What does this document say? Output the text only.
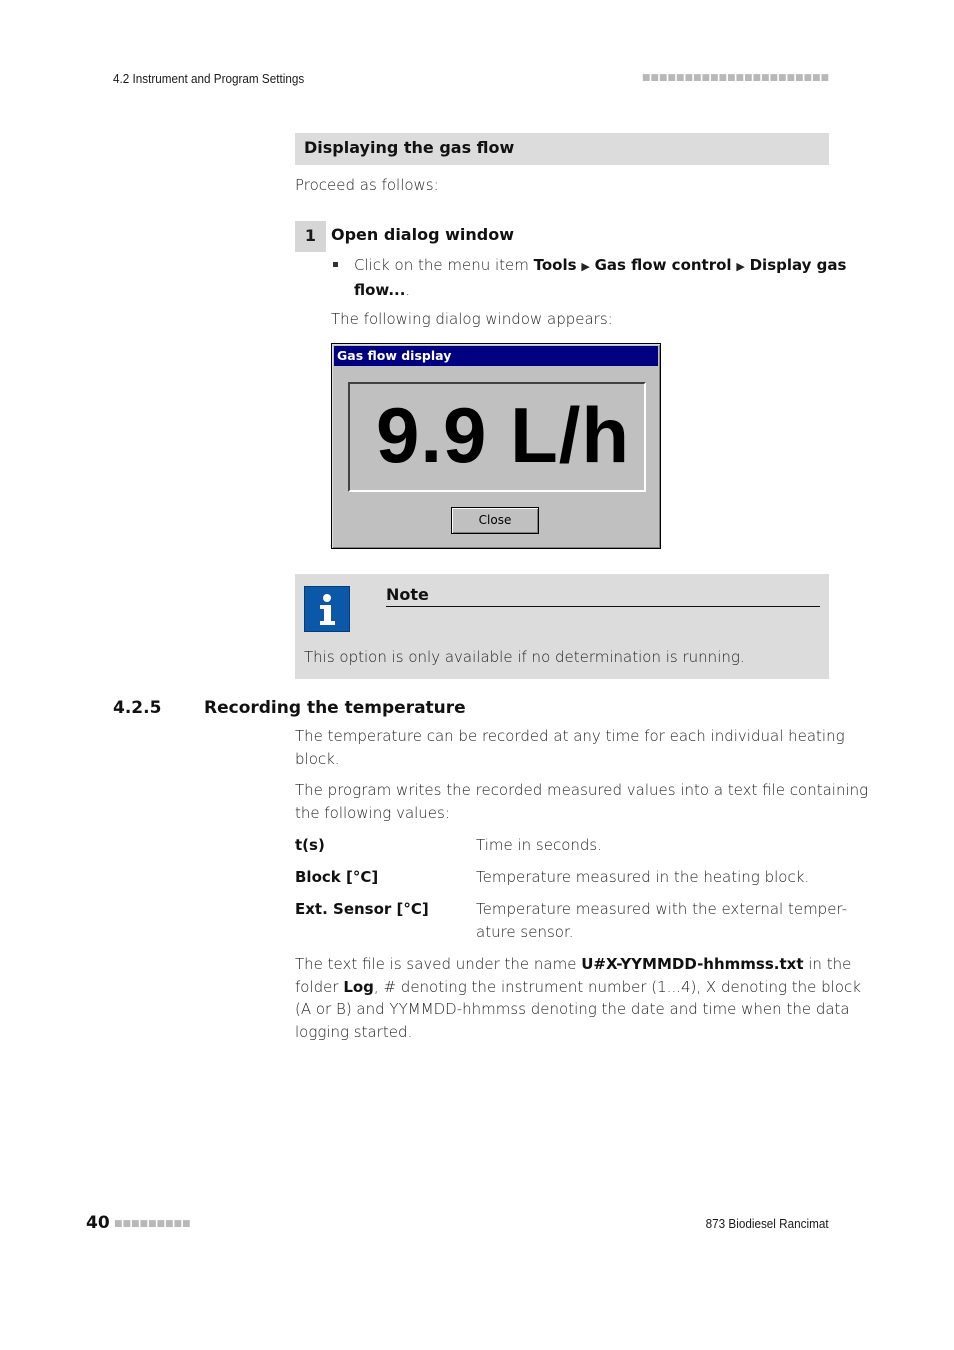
4.2 Instrument and Program Settings	■■■■■■■■■■■■■■■■■■■■■■
Displaying the gas flow
Proceed as follows:
1 Open dialog window
Click on the menu item Tools ▶ Gas flow control ▶ Display gas
flow....
The following dialog window appears:
Gas flow display
9.9 L/h
Close
Note
This option is only available if no determination is running.
4.2.5	Recording the temperature
The temperature can be recorded at any time for each individual heating
block.
The program writes the recorded measured values into a text file containing
the following values:
t(s)	Time in seconds.
Block [°C]	Temperature measured in the heating block.
Ext. Sensor [°C]	Temperature measured with the external temper-
ature sensor.
The text file is saved under the name U#X-YYMMDD-hhmmss.txt in the
folder Log, # denoting the instrument number (1...4), X denoting the block
(A or B) and YYMMDD-hhmmss denoting the date and time when the data
logging started.
40 ■■■■■■■■■	873 Biodiesel Rancimat
